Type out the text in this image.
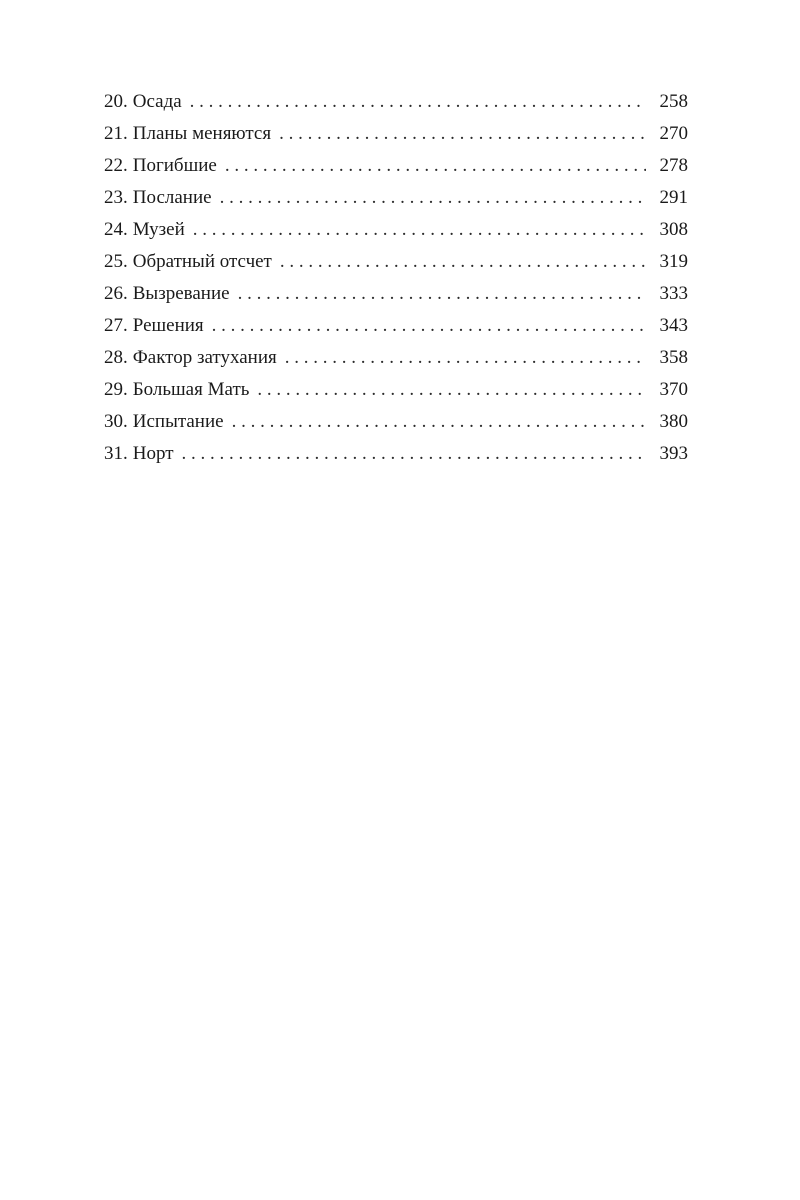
20. Осада . . .	258
21. Планы меняются . . .	270
22. Погибшие . . .	278
23. Послание . . .	291
24. Музей . . .	308
25. Обратный отсчет . . .	319
26. Вызревание . . .	333
27. Решения . . .	343
28. Фактор затухания . . .	358
29. Большая Мать . . .	370
30. Испытание . . .	380
31. Норт . . .	393
